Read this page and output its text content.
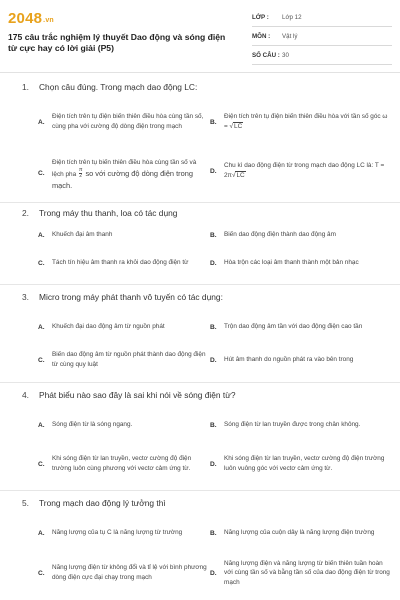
2048.vn
175 câu trắc nghiệm lý thuyết Dao động và sóng điện từ cực hay có lời giải (P5)
LỚP :	Lớp 12
MÔN :	Vật lý
SỐ CÂU : 30
1. Chọn câu đúng. Trong mạch dao động LC:
A.
Điện tích trên tụ điện biến thiên điều hòa cùng tần số, cùng pha với cường độ dòng điện trong mạch
B.
Điện tích trên tụ điện biến thiên điều hòa với tần số góc ω = √LC
C.
Điện tích trên tụ biến thiên điều hòa cùng tần số và lệch pha $\frac{\pi}{2}$ so với cường độ dòng điện trong mạch.
D.
Chu kì dao động điện từ trong mạch dao động LC là: T = 2π√LC
2. Trong máy thu thanh, loa có tác dụng
A.	Khuếch đại âm thanh	B.	Biến dao động điện thành dao động âm
C.	Tách tín hiệu âm thanh ra khỏi dao động điện từ	D.	Hòa trộn các loại âm thanh thành một bản nhạc
3. Micro trong máy phát thanh vô tuyến có tác dụng:
A.	Khuếch đại dao động âm từ nguồn phát	B.	Trộn dao động âm tần với dao động điện cao tần
C.
Biến dao động âm từ nguồn phát thành dao động điện từ cùng quy luật
D.	Hút âm thanh do nguồn phát ra vào bên trong
4. Phát biểu nào sao đây là sai khi nói về sóng điện từ?
A.	Sóng điện từ là sóng ngang.	B.	Sóng điện từ lan truyền được trong chân không.
C.
Khi sóng điện từ lan truyền, vectơ cường độ điện trường luôn cùng phương với vectơ cảm ứng từ.
D.
Khi sóng điện từ lan truyền, vectơ cường độ điện trường luôn vuông góc với vectơ cảm ứng từ.
5. Trong mạch dao động lý tưởng thì
A.	Năng lượng của tụ C là năng lượng từ trường	B.	Năng lượng của cuộn dây là năng lượng điện trường
C.
Năng lượng điện từ không đổi và tỉ lệ với bình phương dòng điện cực đại chạy trong mạch
D.
Năng lượng điện và năng lượng từ biến thiên tuần hoàn với cùng tần số và bằng tần số của dao động điện từ trong mạch
